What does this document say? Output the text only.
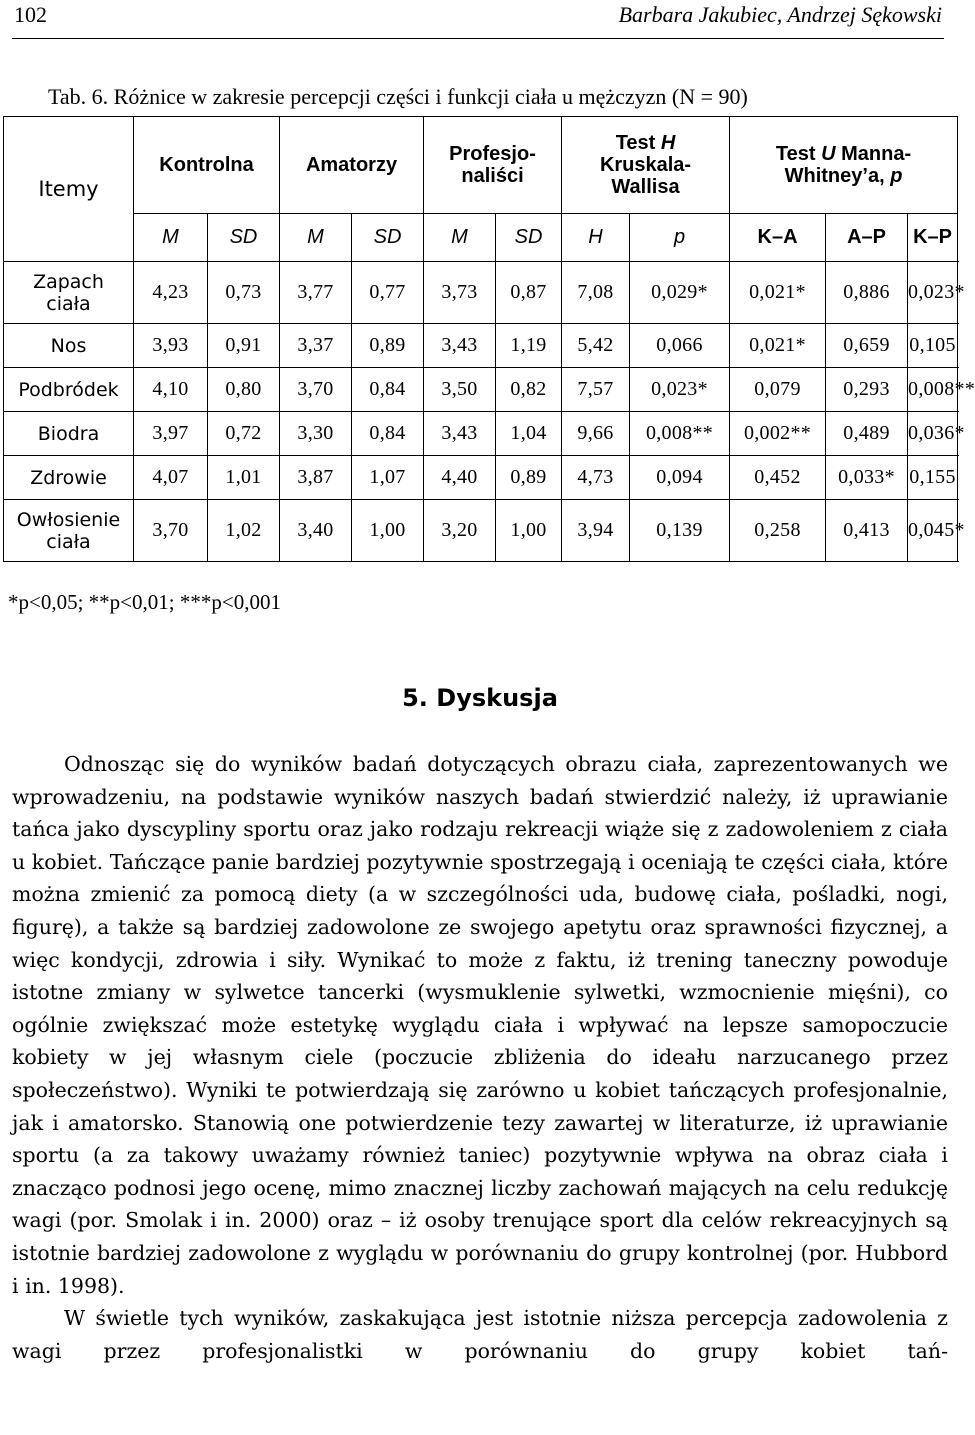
102	Barbara Jakubiec, Andrzej Sękowski
Tab. 6. Różnice w zakresie percepcji części i funkcji ciała u mężczyzn (N = 90)
Itemy	Kontrolna		Amatorzy		Profesjo-
naliści		Test H
Kruskala-
Wallisa		Test U Manna-
Whitney’a, p		
	M	SD	M	SD	M	SD	H	p	K–A	A–P	K–P
Zapach
ciała	4,23	0,73	3,77	0,77	3,73	0,87	7,08	0,029*	0,021*	0,886	0,023*
Nos	3,93	0,91	3,37	0,89	3,43	1,19	5,42	0,066	0,021*	0,659	0,105
Podbródek	4,10	0,80	3,70	0,84	3,50	0,82	7,57	0,023*	0,079	0,293	0,008**
Biodra	3,97	0,72	3,30	0,84	3,43	1,04	9,66	0,008**	0,002**	0,489	0,036*
Zdrowie	4,07	1,01	3,87	1,07	4,40	0,89	4,73	0,094	0,452	0,033*	0,155
Owłosienie
ciała	3,70	1,02	3,40	1,00	3,20	1,00	3,94	0,139	0,258	0,413	0,045*
*p<0,05; **p<0,01; ***p<0,001
5. Dyskusja

Odnosząc się do wyników badań dotyczących obrazu ciała, zaprezentowanych we wprowadzeniu, na podstawie wyników naszych badań stwierdzić należy, iż uprawianie tańca jako dyscypliny sportu oraz jako rodzaju rekreacji wiąże się z zadowoleniem z ciała u kobiet. Tańczące panie bardziej pozytywnie spostrzegają i oceniają te części ciała, które można zmienić za pomocą diety (a w szczególności uda, budowę ciała, pośladki, nogi, figurę), a także są bardziej zadowolone ze swojego apetytu oraz sprawności fizycznej, a więc kondycji, zdrowia i siły. Wynikać to może z faktu, iż trening taneczny powoduje istotne zmiany w sylwetce tancerki (wysmuklenie sylwetki, wzmocnienie mięśni), co ogólnie zwiększać może estetykę wyglądu ciała i wpływać na lepsze samopoczucie kobiety w jej własnym ciele (poczucie zbliżenia do ideału narzucanego przez społeczeństwo). Wyniki te potwierdzają się zarówno u kobiet tańczących profesjonalnie, jak i amatorsko. Stanowią one potwierdzenie tezy zawartej w literaturze, iż uprawianie sportu (a za takowy uważamy również taniec) pozytywnie wpływa na obraz ciała i znacząco podnosi jego ocenę, mimo znacznej liczby zachowań mających na celu redukcję wagi (por. Smolak i in. 2000) oraz – iż osoby trenujące sport dla celów rekreacyjnych są istotnie bardziej zadowolone z wyglądu w porównaniu do grupy kontrolnej (por. Hubbord i in. 1998).

W świetle tych wyników, zaskakująca jest istotnie niższa percepcja zadowolenia z wagi przez profesjonalistki w porównaniu do grupy kobiet tań-
